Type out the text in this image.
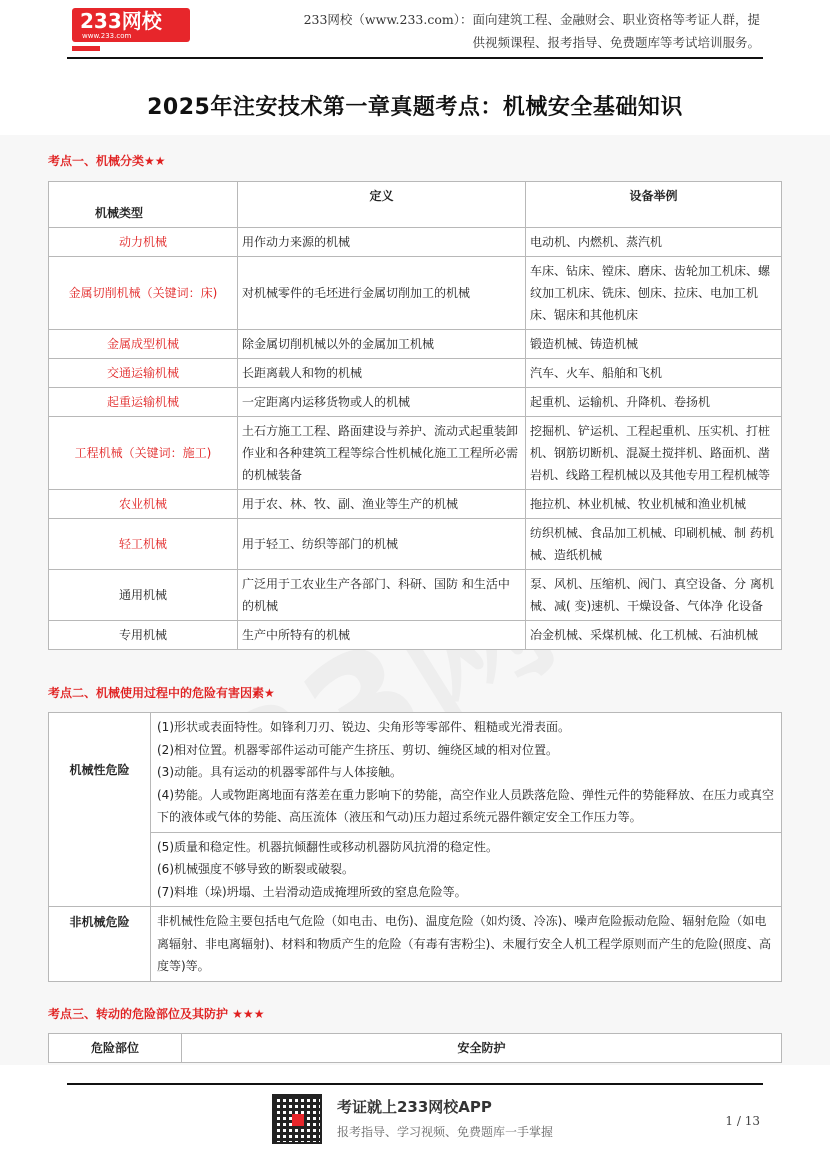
233网校
www.233.com
233网校（www.233.com）：面向建筑工程、金融财会、职业资格等考证人群，提
供视频课程、报考指导、免费题库等考试培训服务。
2025年注安技术第一章真题考点：机械安全基础知识
考点一、机械分类★★
机械类型	定义	设备举例
动力机械	用作动力来源的机械	电动机、内燃机、蒸汽机
金属切削机械（关键词：床)	对机械零件的毛坯进行金属切削加工的机械	车床、钻床、镗床、磨床、齿轮加工机床、螺纹加工机床、铣床、刨床、拉床、电加工机床、锯床和其他机床
金属成型机械	除金属切削机械以外的金属加工机械	锻造机械、铸造机械
交通运输机械	长距离载人和物的机械	汽车、火车、船舶和飞机
起重运输机械	一定距离内运移货物或人的机械	起重机、运输机、升降机、卷扬机
工程机械（关键词：施工)	土石方施工工程、路面建设与养护、流动式起重装卸作业和各种建筑工程等综合性机械化施工工程所必需的机械装备	挖掘机、铲运机、工程起重机、压实机、打桩机、钢筋切断机、混凝土搅拌机、路面机、凿岩机、线路工程机械以及其他专用工程机械等
农业机械	用于农、林、牧、副、渔业等生产的机械	拖拉机、林业机械、牧业机械和渔业机械
轻工机械	用于轻工、纺织等部门的机械	纺织机械、食品加工机械、印刷机械、制 药机械、造纸机械
通用机械	广泛用于工农业生产各部门、科研、国防 和生活中的机械	泵、风机、压缩机、阀门、真空设备、分 离机械、减( 变)速机、干燥设备、气体净 化设备
专用机械	生产中所特有的机械	冶金机械、采煤机械、化工机械、石油机械
考点二、机械使用过程中的危险有害因素★
机械性危险	(1)形状或表面特性。如锋利刀刃、锐边、尖角形等零部件、粗糙或光滑表面。
(2)相对位置。机器零部件运动可能产生挤压、剪切、缠绕区域的相对位置。
(3)动能。具有运动的机器零部件与人体接触。
(4)势能。人或物距离地面有落差在重力影响下的势能，高空作业人员跌落危险、弹性元件的势能释放、在压力或真空下的液体或气体的势能、高压流体（液压和气动)压力超过系统元器件额定安全工作压力等。

	(5)质量和稳定性。机器抗倾翻性或移动机器防风抗滑的稳定性。
(6)机械强度不够导致的断裂或破裂。
(7)料堆（垛)坍塌、土岩滑动造成掩埋所致的窒息危险等。

非机械危险	非机械性危险主要包括电气危险（如电击、电伤)、温度危险（如灼烫、冷冻)、噪声危险振动危险、辐射危险（如电离辐射、非电离辐射)、材料和物质产生的危险（有毒有害粉尘)、未履行安全人机工程学原则而产生的危险(照度、高度等)等。
考点三、转动的危险部位及其防护 ★★★
危险部位	安全防护
考证就上233网校APP
报考指导、学习视频、免费题库一手掌握
1 / 13
